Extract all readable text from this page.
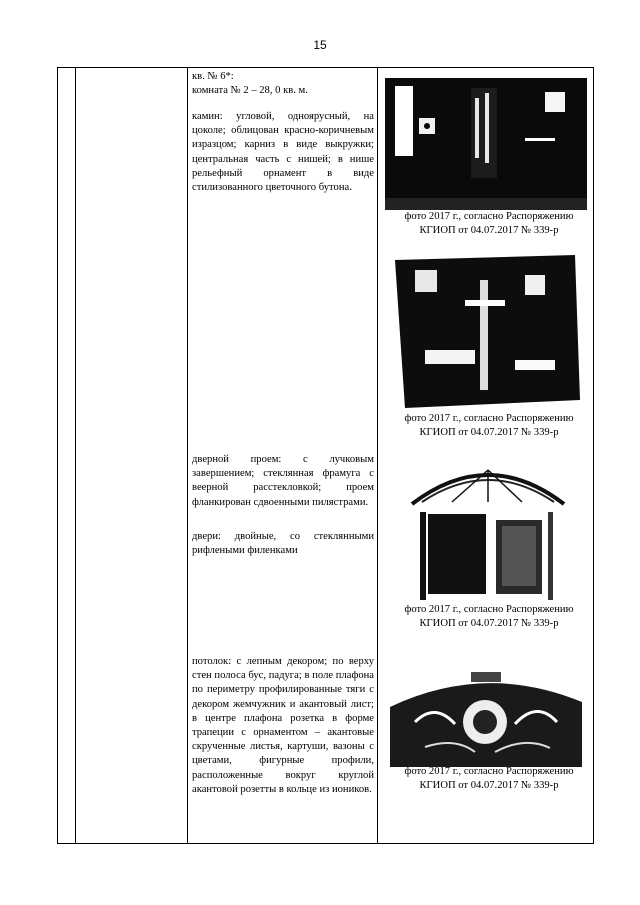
15
кв. № 6*:
комната № 2 – 28, 0 кв. м.
камин: угловой, одноярусный, на цоколе; облицован красно-коричневым изразцом; карниз в виде выкружки; центральная часть с нишей; в нише рельефный орнамент в виде стилизованного цветочного бутона.
дверной проем: с лучковым завершением; стеклянная фрамуга с веерной расстекловкой; проем фланкирован сдвоенными пилястрами.
двери: двойные, со стеклянными рифлеными филенками
потолок: с лепным декором; по верху стен полоса бус, падуга; в поле плафона по периметру профилированные тяги с декором жемчужник и акантовый лист; в центре плафона розетка в форме трапеции с орнаментом – акантовые скрученные листья, картуши, вазоны с цветами, фигурные профили, расположенные вокруг круглой акантовой розетты в кольце из иоников.
фото 2017 г., согласно Распоряжению
КГИОП от 04.07.2017 № 339-р
фото 2017 г., согласно Распоряжению
КГИОП от 04.07.2017 № 339-р
фото 2017 г., согласно Распоряжению
КГИОП от 04.07.2017 № 339-р
фото 2017 г., согласно Распоряжению
КГИОП от 04.07.2017 № 339-р
